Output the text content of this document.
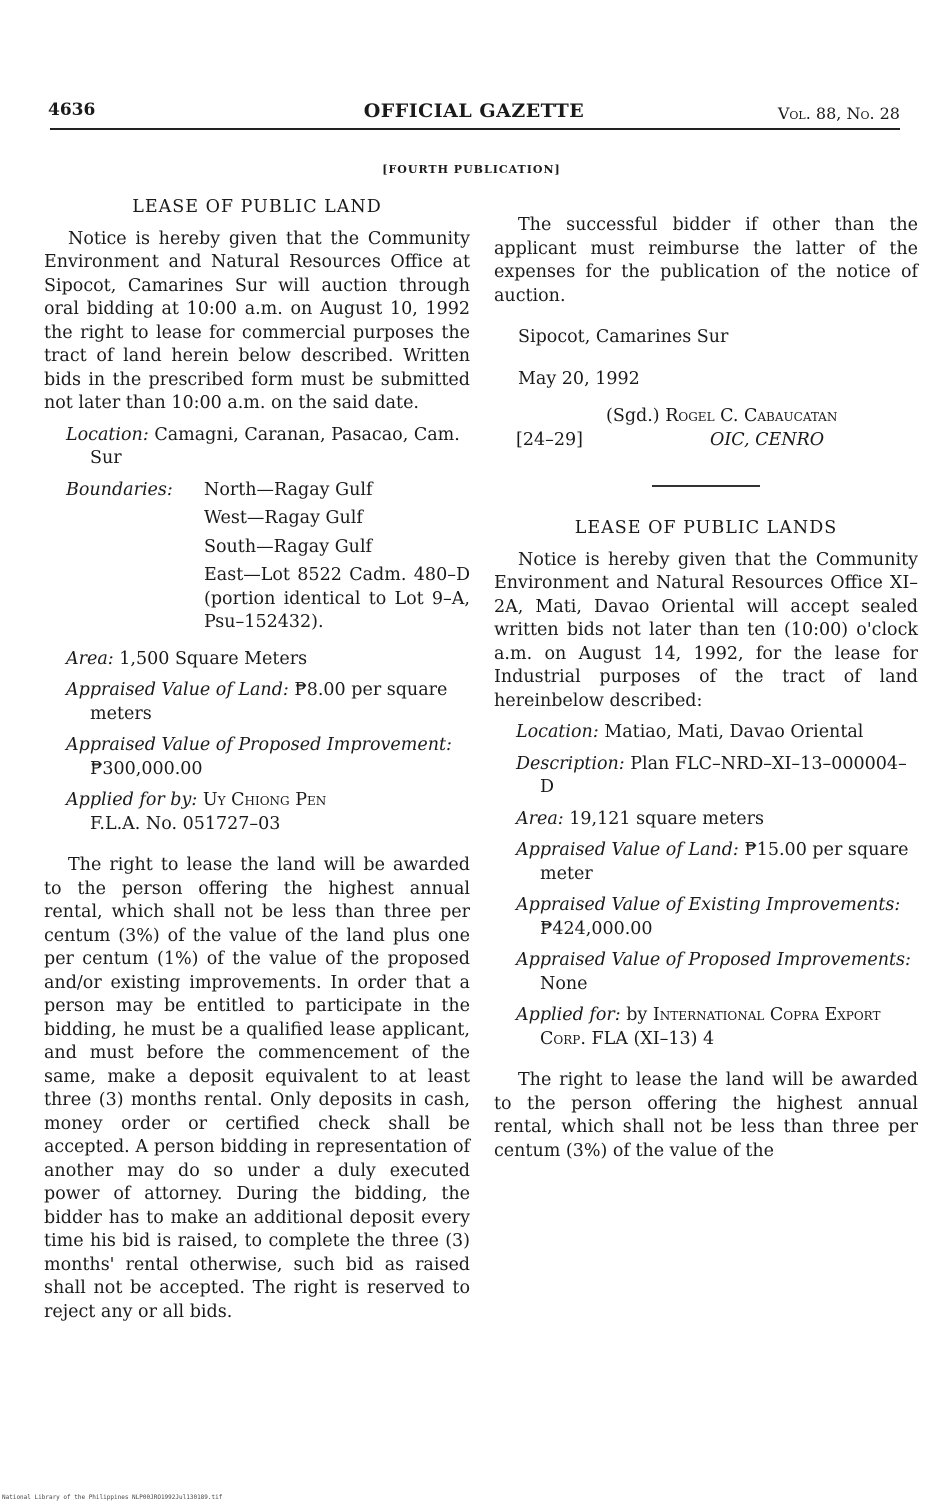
4636	OFFICIAL GAZETTE	Vol. 88, No. 28
[FOURTH PUBLICATION]
LEASE OF PUBLIC LAND

Notice is hereby given that the Community Environment and Natural Resources Office at Sipocot, Camarines Sur will auction through oral bidding at 10:00 a.m. on August 10, 1992 the right to lease for commercial purposes the tract of land herein below described. Written bids in the prescribed form must be submitted not later than 10:00 a.m. on the said date.

Location: Camagni, Caranan, Pasacao, Cam. Sur

Boundaries:	North—Ragay Gulf
West—Ragay Gulf
South—Ragay Gulf
East—Lot 8522 Cadm. 480–D (portion identical to Lot 9–A, Psu–152432).

Area: 1,500 Square Meters

Appraised Value of Land: ₱8.00 per square meters

Appraised Value of Proposed Improvement: ₱300,000.00

Applied for by: Uy Chiong Pen
F.L.A. No. 051727–03

The right to lease the land will be awarded to the person offering the highest annual rental, which shall not be less than three per centum (3%) of the value of the land plus one per centum (1%) of the value of the proposed and/or existing improvements. In order that a person may be entitled to participate in the bidding, he must be a qualified lease applicant, and must before the commencement of the same, make a deposit equivalent to at least three (3) months rental. Only deposits in cash, money order or certified check shall be accepted. A person bidding in representation of another may do so under a duly executed power of attorney. During the bidding, the bidder has to make an additional deposit every time his bid is raised, to complete the three (3) months' rental otherwise, such bid as raised shall not be accepted. The right is reserved to reject any or all bids.

The successful bidder if other than the applicant must reimburse the latter of the expenses for the publication of the notice of auction.

Sipocot, Camarines Sur

May 20, 1992

(Sgd.) Rogel C. Cabaucatan
[24–29]	OIC, CENRO
LEASE OF PUBLIC LANDS

Notice is hereby given that the Community Environment and Natural Resources Office XI–2A, Mati, Davao Oriental will accept sealed written bids not later than ten (10:00) o'clock a.m. on August 14, 1992, for the lease for Industrial purposes of the tract of land hereinbelow described:

Location: Matiao, Mati, Davao Oriental

Description: Plan FLC–NRD–XI–13–000004–D

Area: 19,121 square meters

Appraised Value of Land: ₱15.00 per square meter

Appraised Value of Existing Improvements: ₱424,000.00

Appraised Value of Proposed Improvements: None

Applied for: by International Copra Export Corp. FLA (XI–13) 4

The right to lease the land will be awarded to the person offering the highest annual rental, which shall not be less than three per centum (3%) of the value of the

National Library of the Philippines NLP00JRO1992Jul130189.tif
